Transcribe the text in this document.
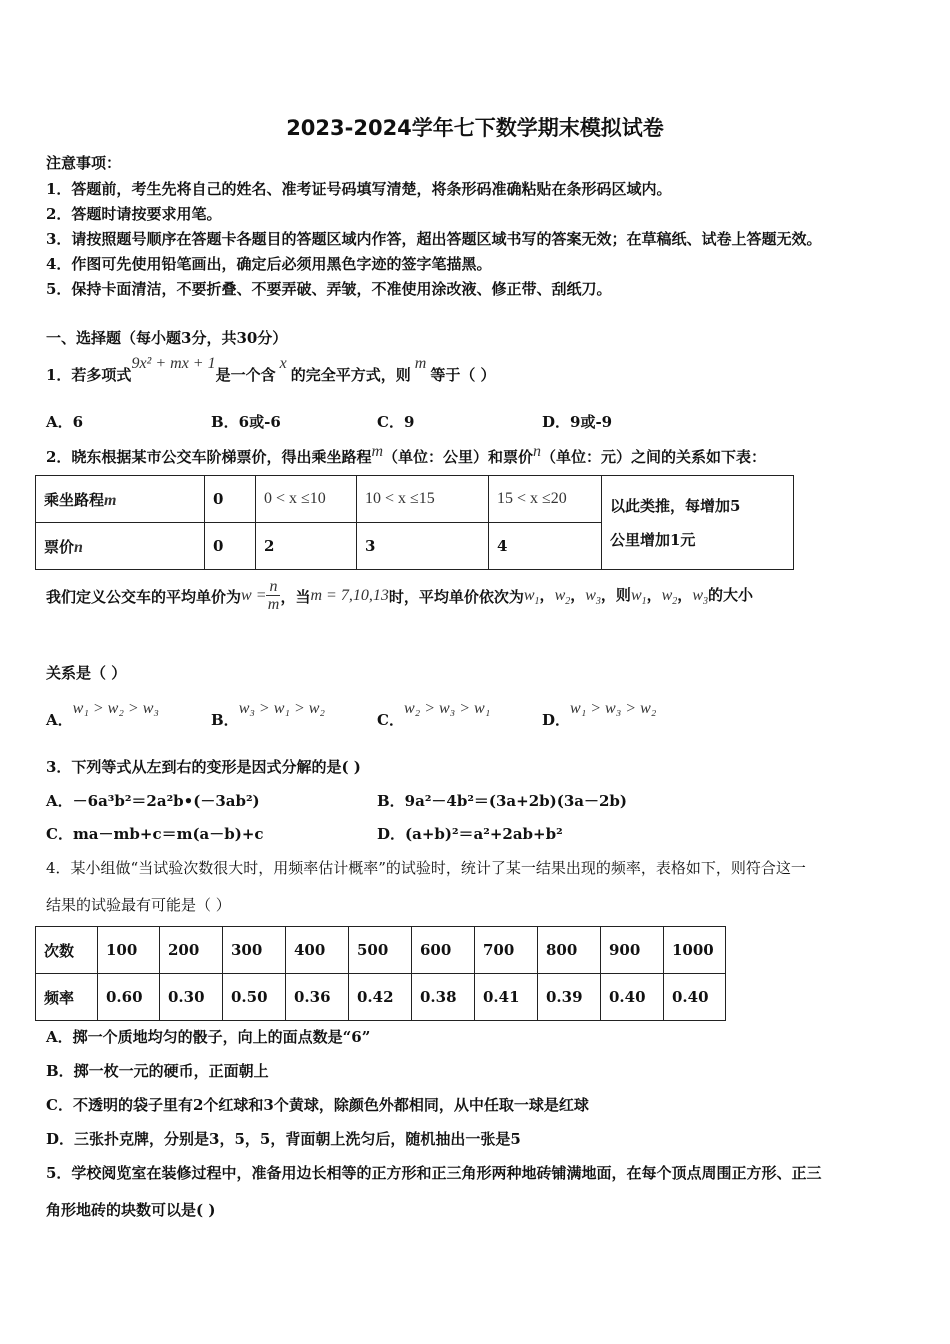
2023-2024学年七下数学期末模拟试卷
注意事项：
1．答题前，考生先将自己的姓名、准考证号码填写清楚，将条形码准确粘贴在条形码区域内。
2．答题时请按要求用笔。
3．请按照题号顺序在答题卡各题目的答题区域内作答，超出答题区域书写的答案无效；在草稿纸、试卷上答题无效。
4．作图可先使用铅笔画出，确定后必须用黑色字迹的签字笔描黑。
5．保持卡面清洁，不要折叠、不要弄破、弄皱，不准使用涂改液、修正带、刮纸刀。
一、选择题（每小题3分，共30分）
1．若多项式9x² + mx + 1是一个含x的完全平方式，则m等于（ ）
A．6	B．6或-6	C．9	D．9或-9
2．晓东根据某市公交车阶梯票价，得出乘坐路程m（单位：公里）和票价n（单位：元）之间的关系如下表：
乘坐路程m	0	0 < x ≤10	10 < x ≤15	15 < x ≤20	以此类推，每增加5
公里增加1元

票价n	0	2	3	4	
我们定义公交车的平均单价为$w = \frac{n}{m}$ ，当m = 7,10,13时，平均单价依次为$w_1$，$w_2$，$w_3$，则$w_1$，$w_2$，$w_3$的大小
关系是（ ）
A．w₁ > w₂ > w₃
B．w₃ > w₁ > w₂
C．w₂ > w₃ > w₁
D．w₁ > w₃ > w₂
3．下列等式从左到右的变形是因式分解的是( )
A．－6a³b²＝2a²b•(－3ab²)	B．9a²－4b²＝(3a+2b)(3a－2b)
C．ma－mb+c＝m(a－b)+c	D．(a+b)²＝a²+2ab+b²
4．某小组做“当试验次数很大时，用频率估计概率”的试验时，统计了某一结果出现的频率，表格如下，则符合这一
结果的试验最有可能是（ ）
次数	100	200	300	400	500	600	700	800	900	1000
频率	0.60	0.30	0.50	0.36	0.42	0.38	0.41	0.39	0.40	0.40
A．掷一个质地均匀的骰子，向上的面点数是“6”
B．掷一枚一元的硬币，正面朝上
C．不透明的袋子里有2个红球和3个黄球，除颜色外都相同，从中任取一球是红球
D．三张扑克牌，分别是3，5，5，背面朝上洗匀后，随机抽出一张是5
5．学校阅览室在装修过程中，准备用边长相等的正方形和正三角形两种地砖铺满地面，在每个顶点周围正方形、正三
角形地砖的块数可以是( )
